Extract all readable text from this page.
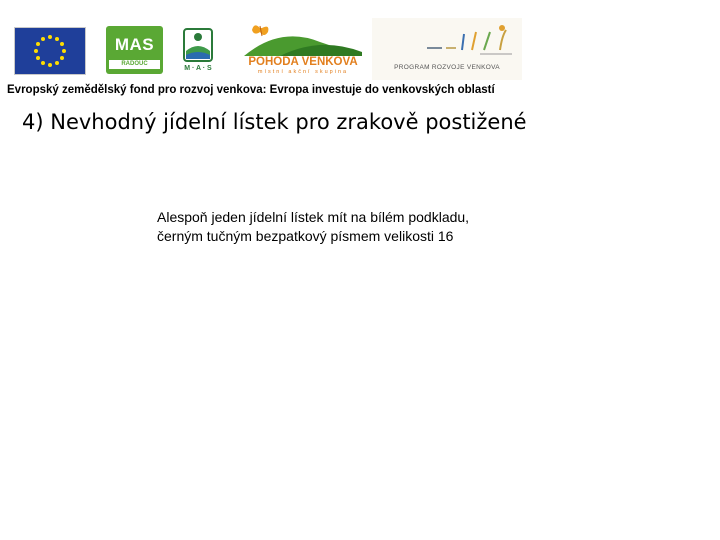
MAS
RADOUČ
M · A · S
POHODA VENKOVA
místní akční skupina
PROGRAM ROZVOJE VENKOVA
Evropský zemědělský fond pro rozvoj venkova: Evropa investuje do venkovských oblastí
4) Nevhodný jídelní lístek pro zrakově postižené
Alespoň jeden jídelní lístek mít na bílém podkladu,
černým tučným bezpatkový písmem velikosti 16
